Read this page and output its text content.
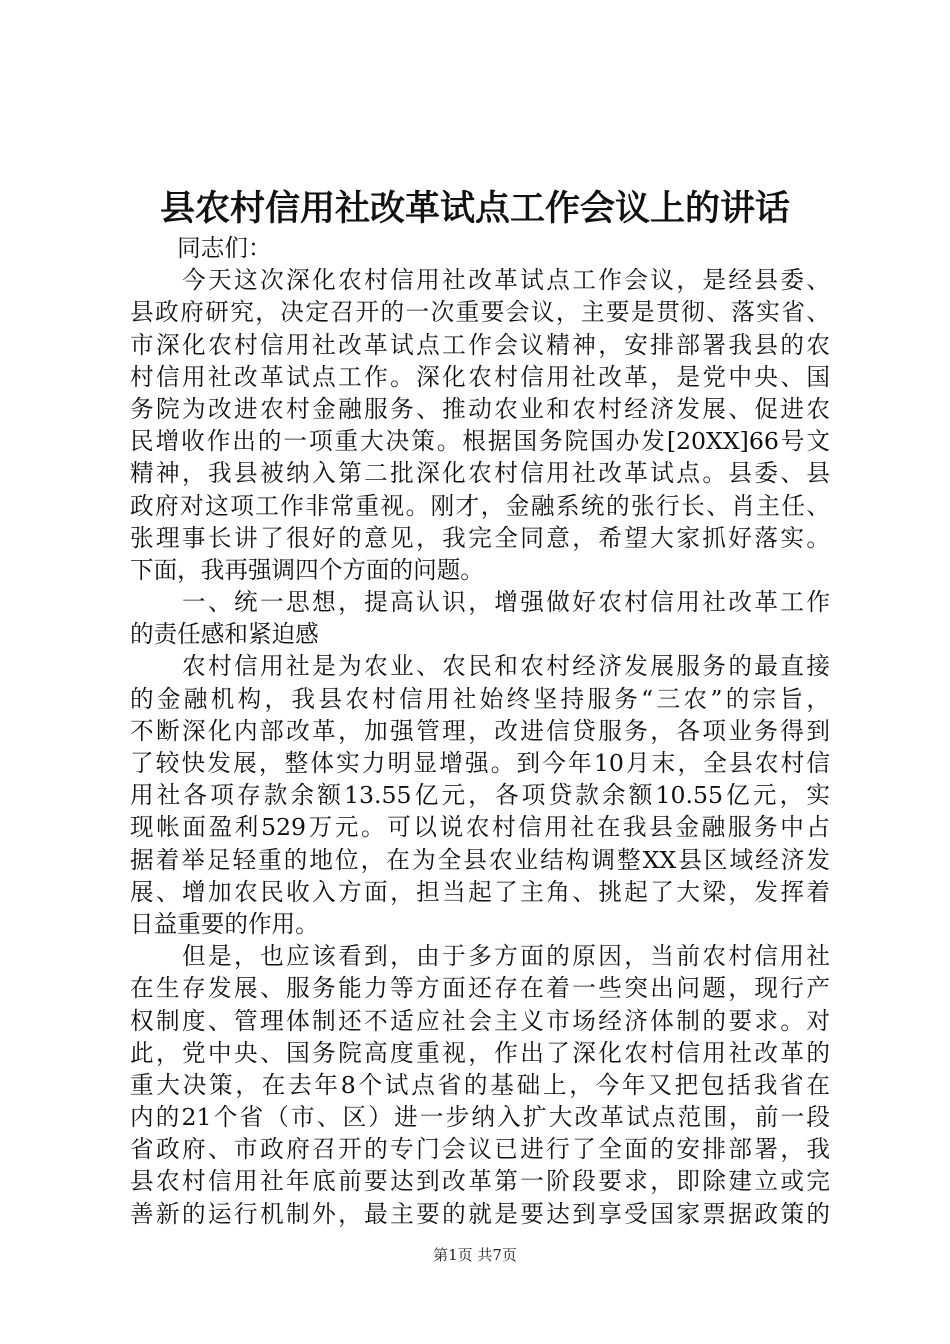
县农村信用社改革试点工作会议上的讲话
　　同志们：
　　今天这次深化农村信用社改革试点工作会议，是经县委、
县政府研究，决定召开的一次重要会议，主要是贯彻、落实省、
市深化农村信用社改革试点工作会议精神，安排部署我县的农
村信用社改革试点工作。深化农村信用社改革，是党中央、国
务院为改进农村金融服务、推动农业和农村经济发展、促进农
民增收作出的一项重大决策。根据国务院国办发[20XX]66号文
精神，我县被纳入第二批深化农村信用社改革试点。县委、县
政府对这项工作非常重视。刚才，金融系统的张行长、肖主任、
张理事长讲了很好的意见，我完全同意，希望大家抓好落实。
下面，我再强调四个方面的问题。
　　一、统一思想，提高认识，增强做好农村信用社改革工作
的责任感和紧迫感
　　农村信用社是为农业、农民和农村经济发展服务的最直接
的金融机构，我县农村信用社始终坚持服务“三农”的宗旨，
不断深化内部改革，加强管理，改进信贷服务，各项业务得到
了较快发展，整体实力明显增强。到今年10月末，全县农村信
用社各项存款余额13.55亿元，各项贷款余额10.55亿元，实
现帐面盈利529万元。可以说农村信用社在我县金融服务中占
据着举足轻重的地位，在为全县农业结构调整XX县区域经济发
展、增加农民收入方面，担当起了主角、挑起了大梁，发挥着
日益重要的作用。
　　但是，也应该看到，由于多方面的原因，当前农村信用社
在生存发展、服务能力等方面还存在着一些突出问题，现行产
权制度、管理体制还不适应社会主义市场经济体制的要求。对
此，党中央、国务院高度重视，作出了深化农村信用社改革的
重大决策，在去年8个试点省的基础上，今年又把包括我省在
内的21个省（市、区）进一步纳入扩大改革试点范围，前一段
省政府、市政府召开的专门会议已进行了全面的安排部署，我
县农村信用社年底前要达到改革第一阶段要求，即除建立或完
善新的运行机制外，最主要的就是要达到享受国家票据政策的
第1页 共7页
